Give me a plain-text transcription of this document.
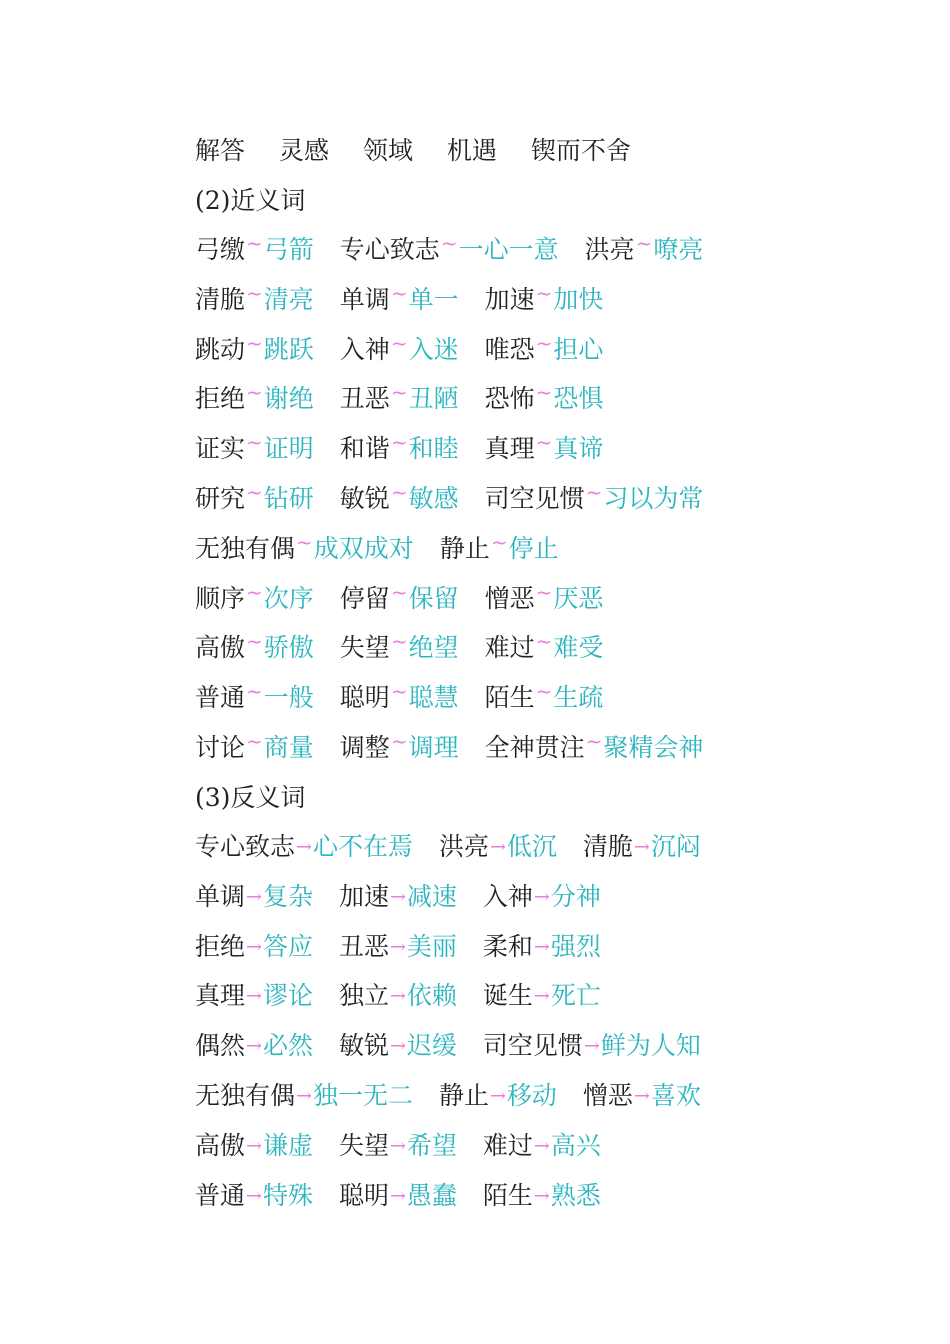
解答 灵感 领域 机遇 锲而不舍
(2)近义词
弓缴~弓箭 专心致志~一心一意 洪亮~嘹亮
清脆~清亮 单调~单一 加速~加快
跳动~跳跃 入神~入迷 唯恐~担心
拒绝~谢绝 丑恶~丑陋 恐怖~恐惧
证实~证明 和谐~和睦 真理~真谛
研究~钻研 敏锐~敏感 司空见惯~习以为常
无独有偶~成双成对 静止~停止
顺序~次序 停留~保留 憎恶~厌恶
高傲~骄傲 失望~绝望 难过~难受
普通~一般 聪明~聪慧 陌生~生疏
讨论~商量 调整~调理 全神贯注~聚精会神
(3)反义词
专心致志→心不在焉 洪亮→低沉 清脆→沉闷
单调→复杂 加速→减速 入神→分神
拒绝→答应 丑恶→美丽 柔和→强烈
真理→谬论 独立→依赖 诞生→死亡
偶然→必然 敏锐→迟缓 司空见惯→鲜为人知
无独有偶→独一无二 静止→移动 憎恶→喜欢
高傲→谦虚 失望→希望 难过→高兴
普通→特殊 聪明→愚蠢 陌生→熟悉
